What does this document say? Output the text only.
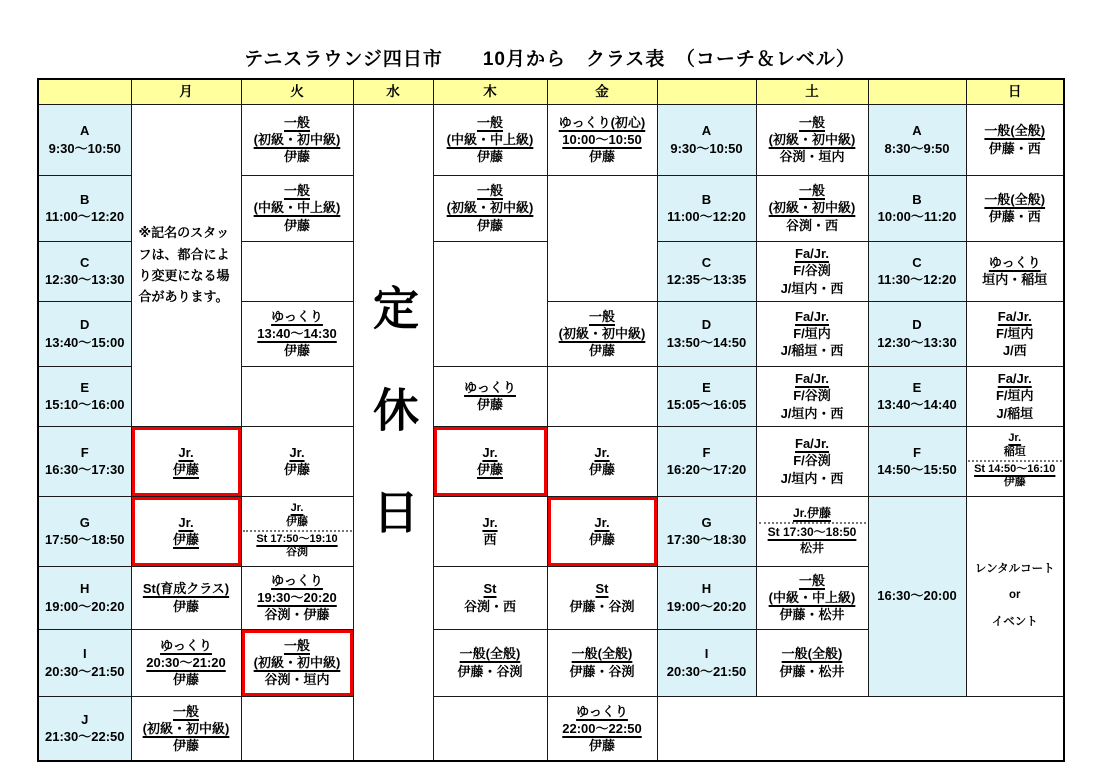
テニスラウンジ四日市　　10月から　クラス表　（コーチ＆レベル）
	月	火	水	木	金		土		日

A
9:30～10:50	※記名のスタッフは、都合により変更になる場合があります。	一般
(初級・初中級)
伊藤	定休日	一般
(中級・中上級)
伊藤	ゆっくり(初心)
10:00～10:50
伊藤	A
9:30～10:50	一般
(初級・初中級)
谷渕・垣内	A
8:30～9:50	一般(全般)
伊藤・西

B
11:00～12:20		一般
(中級・中上級)
伊藤		一般
(初級・初中級)
伊藤		B
11:00～12:20	一般
(初級・初中級)
谷渕・西	B
10:00～11:20	一般(全般)
伊藤・西

C
12:30～13:30						C
12:35～13:35	Fa/Jr.
F/谷渕
J/垣内・西	C
11:30～12:20	ゆっくり
垣内・稲垣

D
13:40～15:00		ゆっくり
13:40～14:30
伊藤			一般
(初級・初中級)
伊藤	D
13:50～14:50	Fa/Jr.
F/垣内
J/稲垣・西	D
12:30～13:30	Fa/Jr.
F/垣内
J/西

E
15:10～16:00				ゆっくり
伊藤		E
15:05～16:05	Fa/Jr.
F/谷渕
J/垣内・西	E
13:40～14:40	Fa/Jr.
F/垣内
J/稲垣

F
16:30～17:30	Jr.
伊藤	Jr.
伊藤		Jr.
伊藤	Jr.
伊藤	F
16:20～17:20	Fa/Jr.
F/谷渕
J/垣内・西	F
14:50～15:50	Jr.
稲垣
St 14:50～16:10
伊藤

G
17:50～18:50	Jr.
伊藤	Jr.
伊藤
St 17:50～19:10
谷渕		Jr.
西	Jr.
伊藤	G
17:30～18:30	Jr.伊藤
St 17:30～18:50
松井	16:30～20:00	レンタルコート
or
イベント

H
19:00～20:20	St(育成クラス)
伊藤	ゆっくり
19:30～20:20
谷渕・伊藤		St
谷渕・西	St
伊藤・谷渕	H
19:00～20:20	一般
(中級・中上級)
伊藤・松井		

I
20:30～21:50	ゆっくり
20:30～21:20
伊藤	一般
(初級・初中級)
谷渕・垣内		一般(全般)
伊藤・谷渕	一般(全般)
伊藤・谷渕	I
20:30～21:50	一般(全般)
伊藤・松井		

J
21:30～22:50	一般
(初級・初中級)
伊藤				ゆっくり
22:00～22:50
伊藤				
